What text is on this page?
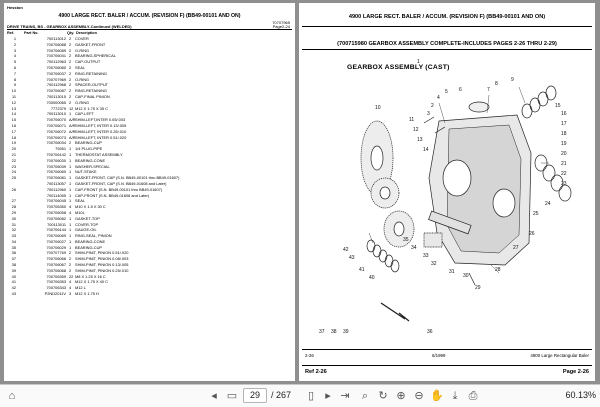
Hesston
4900 LARGE RECT. BALER / ACCUM. (REVISION F) (BB49-00101 AND ON)
70707965
DRIVE TRAINS, BS - GEARBOX ASSEMBLY-Continued (WELDED)	Page2-24
Ref.	Part No.	Qty. Description
1	700113012 2 COVER
2	700706088 2 GASKET-FRONT
3	700706089 2 O-RING
4	700706041 2 BEARING-SPHERICAL
5	700112963 2 CAP-OUTPUT
6	700706080 2 SEAL
7	700706037 2 RING-RETAINING
8	700707969 2 O-RING
9	700112968 2 SPACER-OUTPUT
10	700706087 2 RING-RETAINING
11	700113015 2 CAP-FINAL PINION
12	700000065 2 O-RING
13	7772379 12 M12 X 1.75 X 35 C
14	700113010 1 CAP-LEFT
15	700706070 A/R SHIM-LEFT,INTER 0.05/.003
16	700706071 A/R SHIM-LEFT, INTER 0.13/.005
17	700706072 A/R SHIM-LEFT, INTER 0.25/.010
18	700706073 A/R SHIM-LEFT, INTER 0.51/.020
19	700706034 2 BEARING-CUP
20	79261 1 1/4 PLUG-PIPE
21	700706142 1 THERMOSTAT ASSEMBLY
22	700706030 1 BEARING-CONE
23	700706039 1 WASHER-SPECIAL
24	700706060 1 NUT-STAKE
25	700706081 1 GASKET-FRONT, CAP (S.N. BB49-00101 thru BB49-01607)
700113057 1 GASKET-FRONT, CAP (S.N. BB49-01608 and Later)
26	700112960 1 CAP-FRONT (S.N. BB49-00101 thru BB49-01607)
700114055 1 CAP-FRONT (S.N. BB49-01608 and Later)
27	700706045 1 SEAL
28	700706350 4 M10 X 1.5 X 30 C
29	700706058 4 M10L
30	700706082 1 GASKET-TOP
31	700113011 1 COVER-TOP
32	700706144 1 GAUGE-OIL
33	700706069 1 RING-SEAL, PINION
34	700706027 1 BEARING-CONE
35	700706029 1 BEARING-CUP
36	700707769 2 SHIM-PINIT, PINION 0.51/.020
37	700706066 2 SHIM-PINIT, PINION 0.08/.003
38	700706067 2 SHIM-PINIT, PINION 0.13/.005
39	700706068 2 SHIM-PINIT, PINION 0.25/.010
40	700706359 22 M8 X 1.25 X 16 C
41	700706353 4 M12 X 1.75 X 40 C
42	700706343 4 M12 L
43	P2ND2011V 3 M12 X 1.75 H
4900 LARGE RECT. BALER / ACCUM. (REVISION F) (BB49-00101 AND ON)
(700715980 GEARBOX ASSEMBLY COMPLETE-INCLUDES PAGES 2-26 THRU 2-29)
42
43
41
40
1
2
3
4
5 6	7
8
9
10
11
12
13
14
15
16
17
18
19
20
21
22
23
24
25
26
27
28
29
30
31
32
33
34
35
36
37 38 39
GEARBOX ASSEMBLY (CAST)
2-26	6/1999	4900 Large Rectangular Baler
Ref 2-26	Page 2-26
⌂	◂ ▭	29	/ 267	▯	▸ ⇥	⌕ ↻ ⊕ ⊖ ✋ ⤓	⎙	60.13%
